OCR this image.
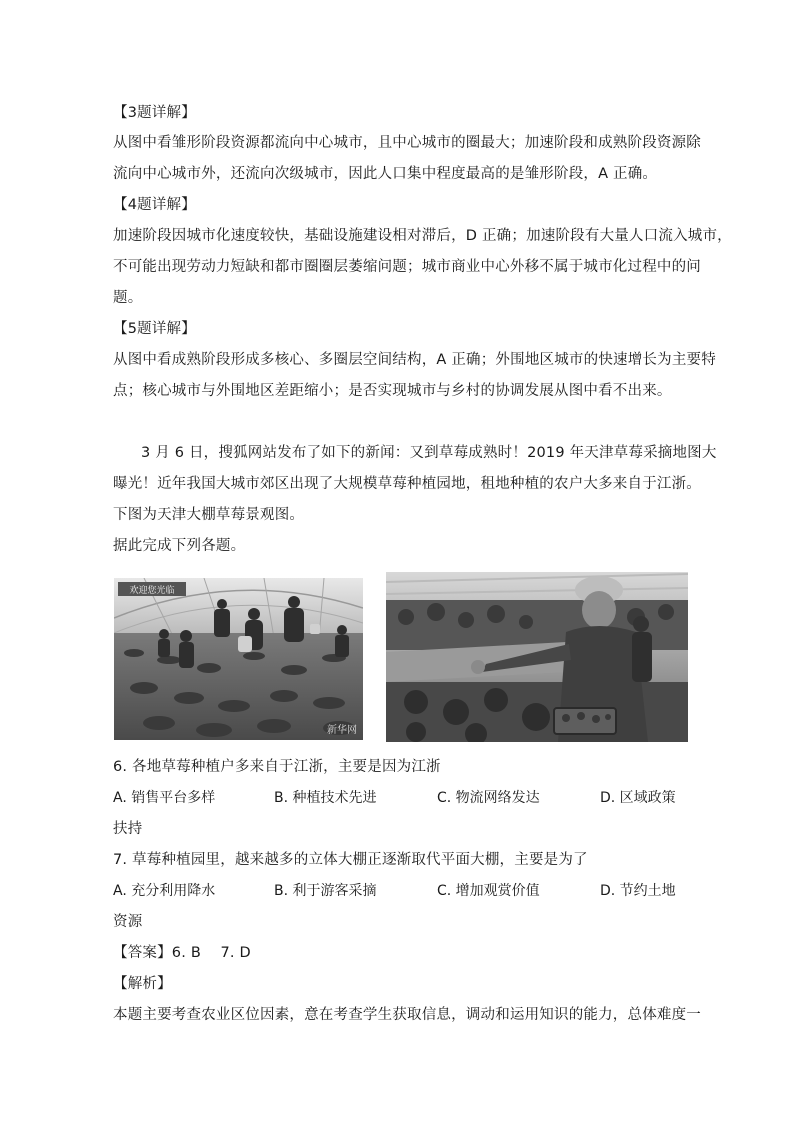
【3题详解】
从图中看雏形阶段资源都流向中心城市，且中心城市的圈最大；加速阶段和成熟阶段资源除
流向中心城市外，还流向次级城市，因此人口集中程度最高的是雏形阶段，A 正确。
【4题详解】
加速阶段因城市化速度较快，基础设施建设相对滞后，D 正确；加速阶段有大量人口流入城市，
不可能出现劳动力短缺和都市圈圈层萎缩问题；城市商业中心外移不属于城市化过程中的问
题。
【5题详解】
从图中看成熟阶段形成多核心、多圈层空间结构，A 正确；外围地区城市的快速增长为主要特
点；核心城市与外围地区差距缩小；是否实现城市与乡村的协调发展从图中看不出来。
3 月 6 日，搜狐网站发布了如下的新闻：又到草莓成熟时！2019 年天津草莓采摘地图大
曝光！近年我国大城市郊区出现了大规模草莓种植园地，租地种植的农户大多来自于江浙。
下图为天津大棚草莓景观图。
据此完成下列各题。
欢迎您光临
新华网
6. 各地草莓种植户多来自于江浙，主要是因为江浙
A. 销售平台多样	B. 种植技术先进	C. 物流网络发达	D. 区域政策
扶持
7. 草莓种植园里，越来越多的立体大棚正逐渐取代平面大棚，主要是为了
A. 充分利用降水	B. 利于游客采摘	C. 增加观赏价值	D. 节约土地
资源
【答案】6. B　 7. D
【解析】
本题主要考查农业区位因素，意在考查学生获取信息，调动和运用知识的能力，总体难度一
